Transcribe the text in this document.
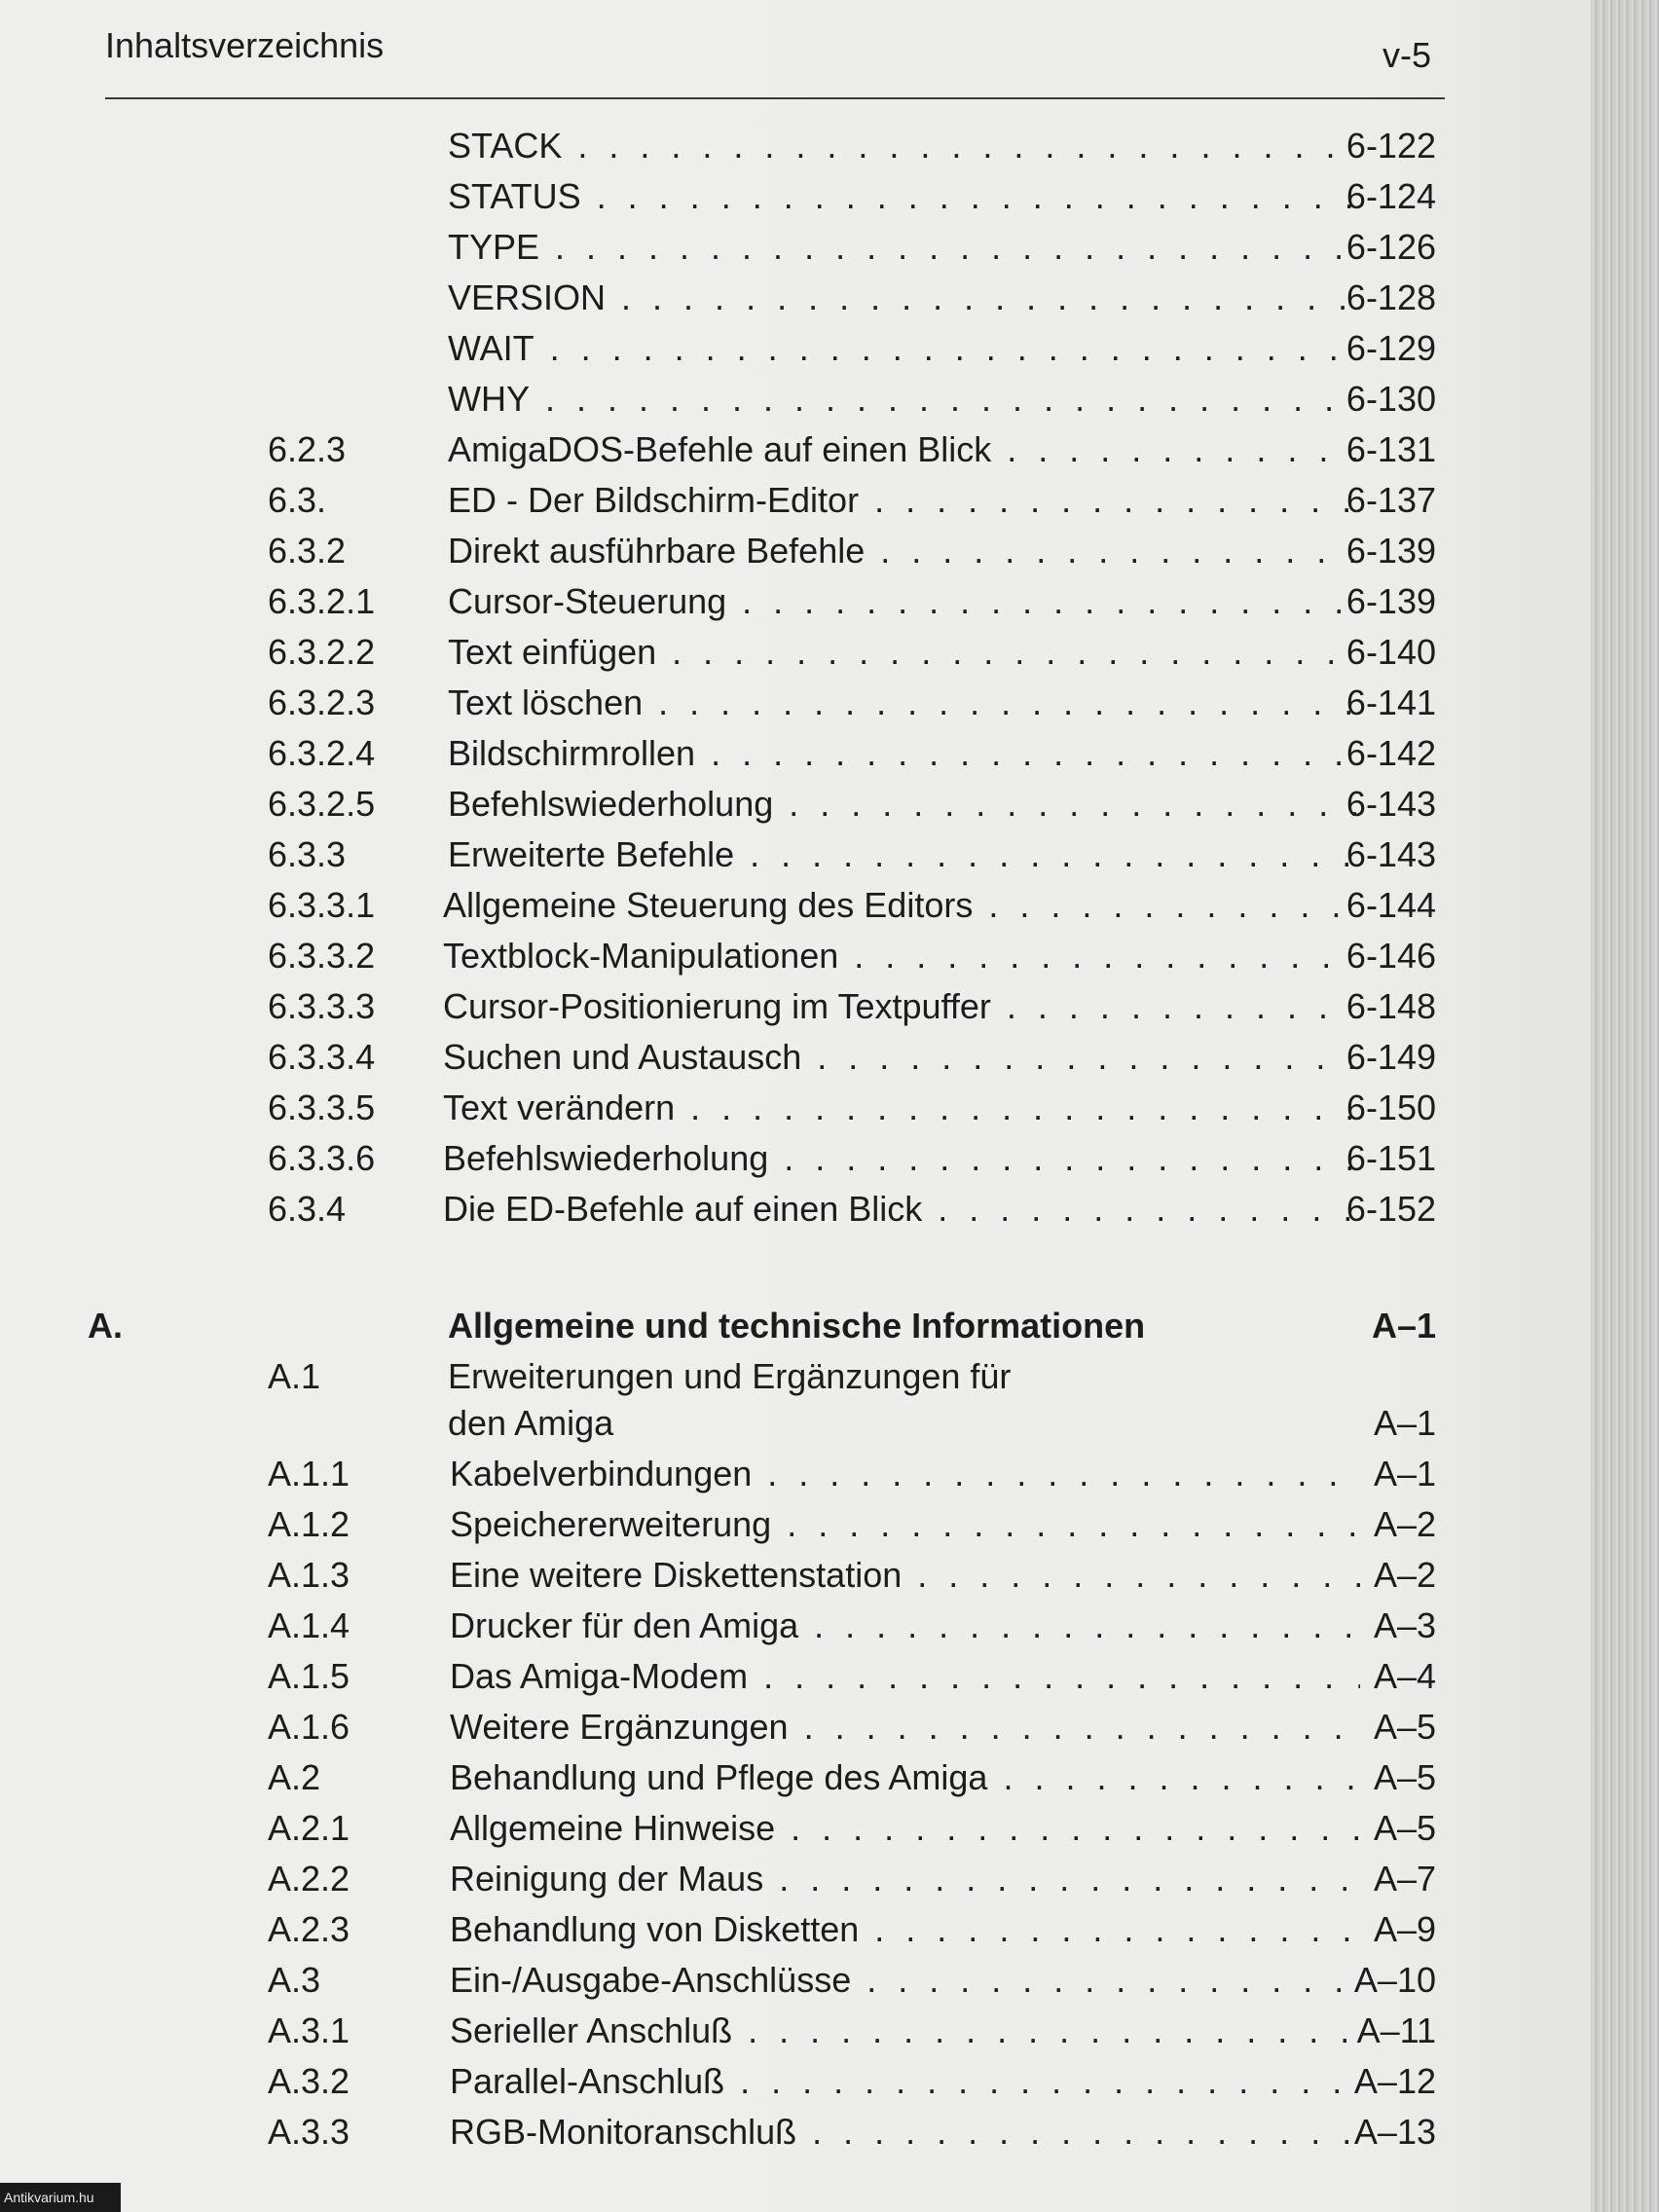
Inhaltsverzeichnis	v-5
STACK . . .	6-122
STATUS . . .	6-124
TYPE . . .	6-126
VERSION . . .	6-128
WAIT . . .	6-129
WHY . . .	6-130
6.2.3	AmigaDOS-Befehle auf einen Blick . . .	6-131
6.3.	ED - Der Bildschirm-Editor . . .	6-137
6.3.2	Direkt ausführbare Befehle . . .	6-139
6.3.2.1 Cursor-Steuerung . . .	6-139
6.3.2.2 Text einfügen . . .	6-140
6.3.2.3 Text löschen . . .	6-141
6.3.2.4 Bildschirmrollen . . .	6-142
6.3.2.5 Befehlswiederholung . . .	6-143
6.3.3	Erweiterte Befehle . . .	6-143
6.3.3.1 Allgemeine Steuerung des Editors . . .	6-144
6.3.3.2 Textblock-Manipulationen . . .	6-146
6.3.3.3 Cursor-Positionierung im Textpuffer . . .	6-148
6.3.3.4 Suchen und Austausch . . .	6-149
6.3.3.5 Text verändern . . .	6-150
6.3.3.6 Befehlswiederholung . . .	6-151
6.3.4	Die ED-Befehle auf einen Blick . . .	6-152
A.	Allgemeine und technische Informationen	A–1
A.1	Erweiterungen und Ergänzungen für
den Amiga	A–1
A.1.1	Kabelverbindungen . . .	A–1
A.1.2	Speichererweiterung . . .	A–2
A.1.3	Eine weitere Diskettenstation . . .	A–2
A.1.4	Drucker für den Amiga . . .	A–3
A.1.5	Das Amiga-Modem . . .	A–4
A.1.6	Weitere Ergänzungen . . .	A–5
A.2	Behandlung und Pflege des Amiga . . .	A–5
A.2.1	Allgemeine Hinweise . . .	A–5
A.2.2	Reinigung der Maus . . .	A–7
A.2.3	Behandlung von Disketten . . .	A–9
A.3	Ein-/Ausgabe-Anschlüsse . . .	A–10
A.3.1	Serieller Anschluß . . .	A–11
A.3.2	Parallel-Anschluß . . .	A–12
A.3.3	RGB-Monitoranschluß . . .	A–13
Antikvarium.hu
